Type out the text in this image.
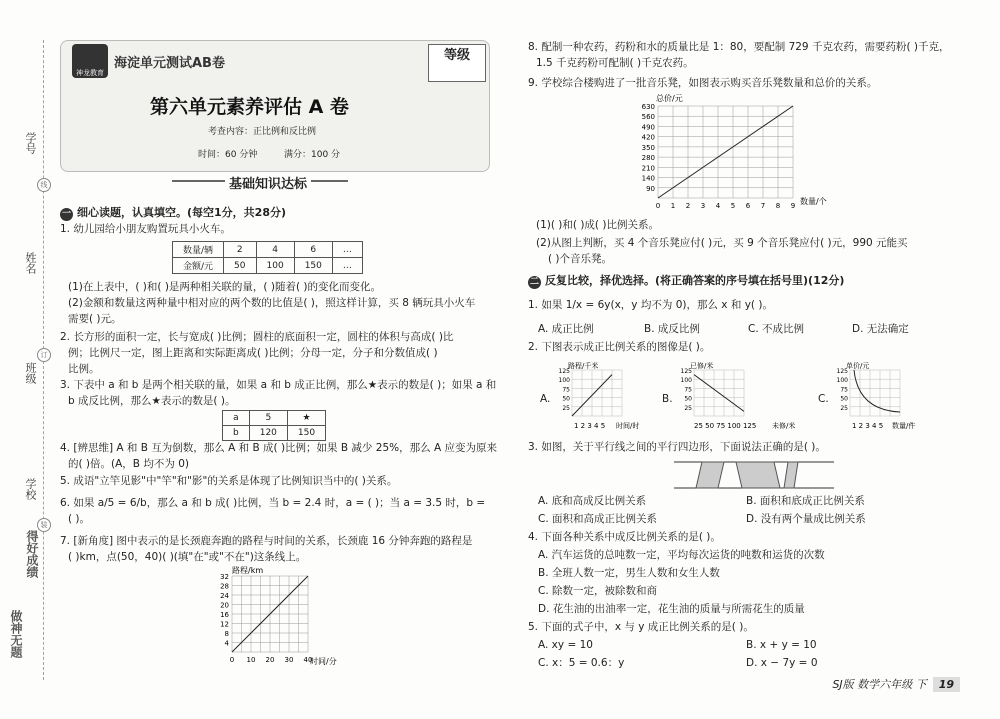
学号
线
姓名
订
班级
学校
装
得好成绩
做神无题
神龙教育
海淀单元测试AB卷
等级
第六单元素养评估 A 卷
考查内容：正比例和反比例
时间：60 分钟	满分：100 分
基础知识达标
一 细心读题，认真填空。(每空1分，共28分)
1. 幼儿园给小朋友购置玩具小火车。
数量/辆	2	4	6	…
金额/元	50	100	150	…
(1)在上表中，( )和( )是两种相关联的量，( )随着( )的变化而变化。
(2)金额和数量这两种量中相对应的两个数的比值是( )，照这样计算，买 8 辆玩具小火车
需要( )元。
2. 长方形的面积一定，长与宽成( )比例；圆柱的底面积一定，圆柱的体积与高成( )比
例；比例尺一定，图上距离和实际距离成( )比例；分母一定，分子和分数值成( )
比例。
3. 下表中 a 和 b 是两个相关联的量，如果 a 和 b 成正比例，那么★表示的数是( )；如果 a 和
b 成反比例，那么★表示的数是( )。
a	5	★
b	120	150
4. [辨思维] A 和 B 互为倒数，那么 A 和 B 成( )比例；如果 B 减少 25%，那么 A 应变为原来
的( )倍。(A，B 均不为 0)
5. 成语"立竿见影"中"竿"和"影"的关系是体现了比例知识当中的( )关系。
6. 如果 a/5 = 6/b，那么 a 和 b 成( )比例，当 b = 2.4 时，a = ( )；当 a = 3.5 时，b =
( )。
7. [新角度] 图中表示的是长颈鹿奔跑的路程与时间的关系，长颈鹿 16 分钟奔跑的路程是
( )km，点(50，40)( )(填"在"或"不在")这条线上。
路程/km
32
28
24
20
16
12
8
4
0 10 20 30 40
时间/分
8. 配制一种农药，药粉和水的质量比是 1：80，要配制 729 千克农药，需要药粉( )千克，
1.5 千克药粉可配制( )千克农药。
9. 学校综合楼购进了一批音乐凳，如图表示购买音乐凳数量和总价的关系。
总价/元
630
560
490
420
350
280
210
140
90
0 1 2 3 4 5 6 7 8 9 数量/个
(1)( )和( )成( )比例关系。
(2)从图上判断，买 4 个音乐凳应付( )元，买 9 个音乐凳应付( )元，990 元能买
( )个音乐凳。
二 反复比较，择优选择。(将正确答案的序号填在括号里)(12分)
1. 如果 1/x = 6y(x，y 均不为 0)，那么 x 和 y( )。
A. 成正比例	B. 成反比例	C. 不成比例	D. 无法确定
2. 下图表示成正比例关系的图像是( )。
A.
路程/千米
125
100
75
50
25
1 2 3 4 5 时间/时
B.
已修/米
125
100
75
50
25
25 50 75 100 125 未修/米
C.
单价/元
125
100
75
50
25
1 2 3 4 5 数量/件
3. 如图，关于平行线之间的平行四边形，下面说法正确的是( )。
A. 底和高成反比例关系	B. 面积和底成正比例关系
C. 面积和高成正比例关系	D. 没有两个量成比例关系
4. 下面各种关系中成反比例关系的是( )。
A. 汽车运货的总吨数一定，平均每次运货的吨数和运货的次数
B. 全班人数一定，男生人数和女生人数
C. 除数一定，被除数和商
D. 花生油的出油率一定，花生油的质量与所需花生的质量
5. 下面的式子中，x 与 y 成正比例关系的是( )。
A. xy = 10	B. x + y = 10
C. x：5 = 0.6：y	D. x − 7y = 0
SJ版 数学六年级 下 19
